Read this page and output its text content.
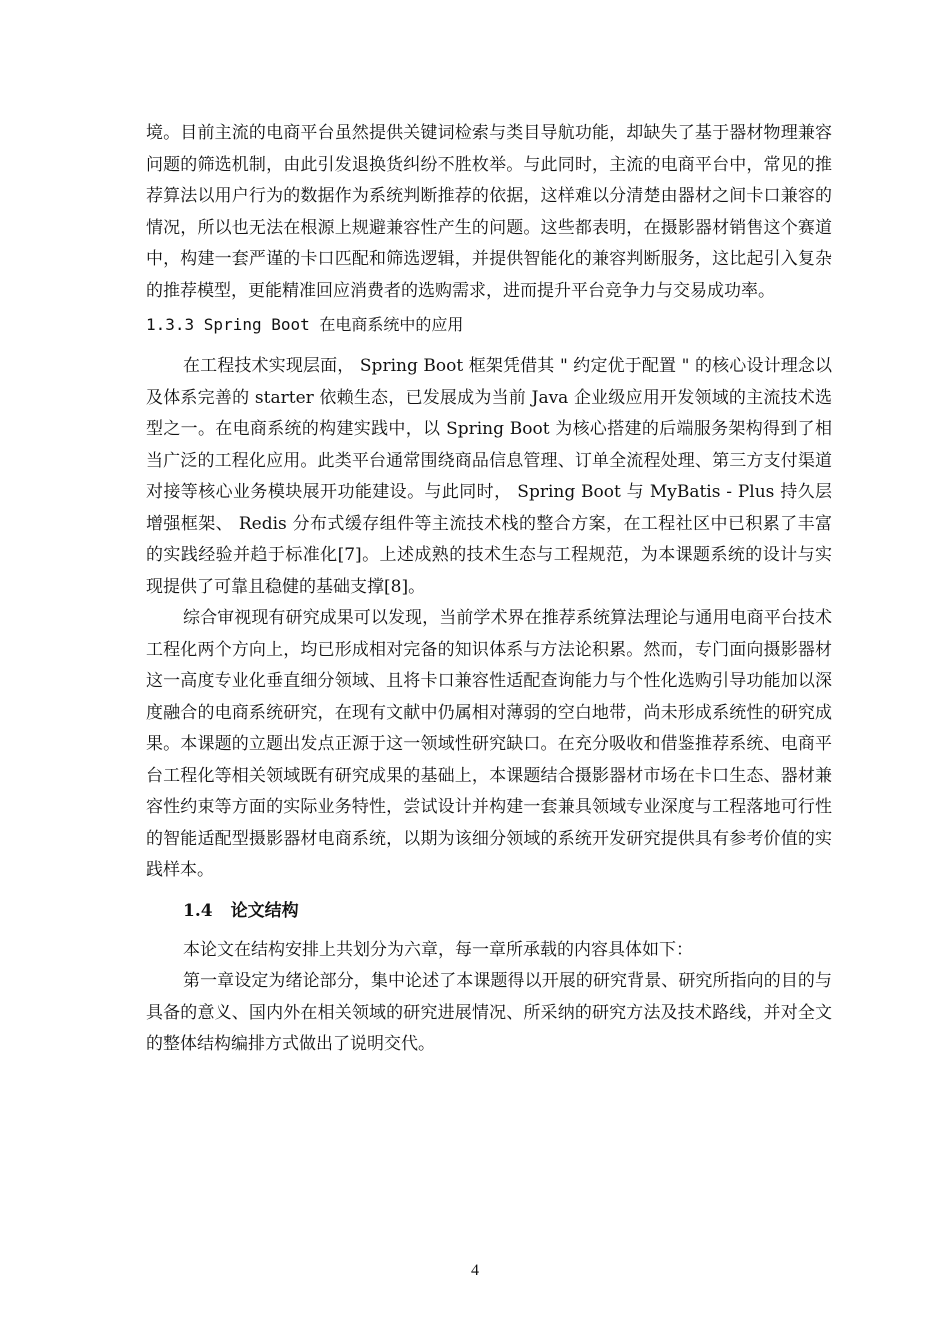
境。目前主流的电商平台虽然提供关键词检索与类目导航功能，却缺失了基于器材物理兼容问题的筛选机制，由此引发退换货纠纷不胜枚举。与此同时，主流的电商平台中，常见的推荐算法以用户行为的数据作为系统判断推荐的依据，这样难以分清楚由器材之间卡口兼容的情况，所以也无法在根源上规避兼容性产生的问题。这些都表明，在摄影器材销售这个赛道中，构建一套严谨的卡口匹配和筛选逻辑，并提供智能化的兼容判断服务，这比起引入复杂的推荐模型，更能精准回应消费者的选购需求，进而提升平台竞争力与交易成功率。

1.3.3 Spring Boot 在电商系统中的应用

在工程技术实现层面， Spring Boot 框架凭借其 " 约定优于配置 " 的核心设计理念以及体系完善的 starter 依赖生态，已发展成为当前 Java 企业级应用开发领域的主流技术选型之一。在电商系统的构建实践中，以 Spring Boot 为核心搭建的后端服务架构得到了相当广泛的工程化应用。此类平台通常围绕商品信息管理、订单全流程处理、第三方支付渠道对接等核心业务模块展开功能建设。与此同时， Spring Boot 与 MyBatis - Plus 持久层增强框架、 Redis 分布式缓存组件等主流技术栈的整合方案，在工程社区中已积累了丰富的实践经验并趋于标准化[7]。上述成熟的技术生态与工程规范，为本课题系统的设计与实现提供了可靠且稳健的基础支撑[8]。

综合审视现有研究成果可以发现，当前学术界在推荐系统算法理论与通用电商平台技术工程化两个方向上，均已形成相对完备的知识体系与方法论积累。然而，专门面向摄影器材这一高度专业化垂直细分领域、且将卡口兼容性适配查询能力与个性化选购引导功能加以深度融合的电商系统研究，在现有文献中仍属相对薄弱的空白地带，尚未形成系统性的研究成果。本课题的立题出发点正源于这一领域性研究缺口。在充分吸收和借鉴推荐系统、电商平台工程化等相关领域既有研究成果的基础上，本课题结合摄影器材市场在卡口生态、器材兼容性约束等方面的实际业务特性，尝试设计并构建一套兼具领域专业深度与工程落地可行性的智能适配型摄影器材电商系统，以期为该细分领域的系统开发研究提供具有参考价值的实践样本。

1.4 论文结构

本论文在结构安排上共划分为六章，每一章所承载的内容具体如下：

第一章设定为绪论部分，集中论述了本课题得以开展的研究背景、研究所指向的目的与具备的意义、国内外在相关领域的研究进展情况、所采纳的研究方法及技术路线，并对全文的整体结构编排方式做出了说明交代。

4
